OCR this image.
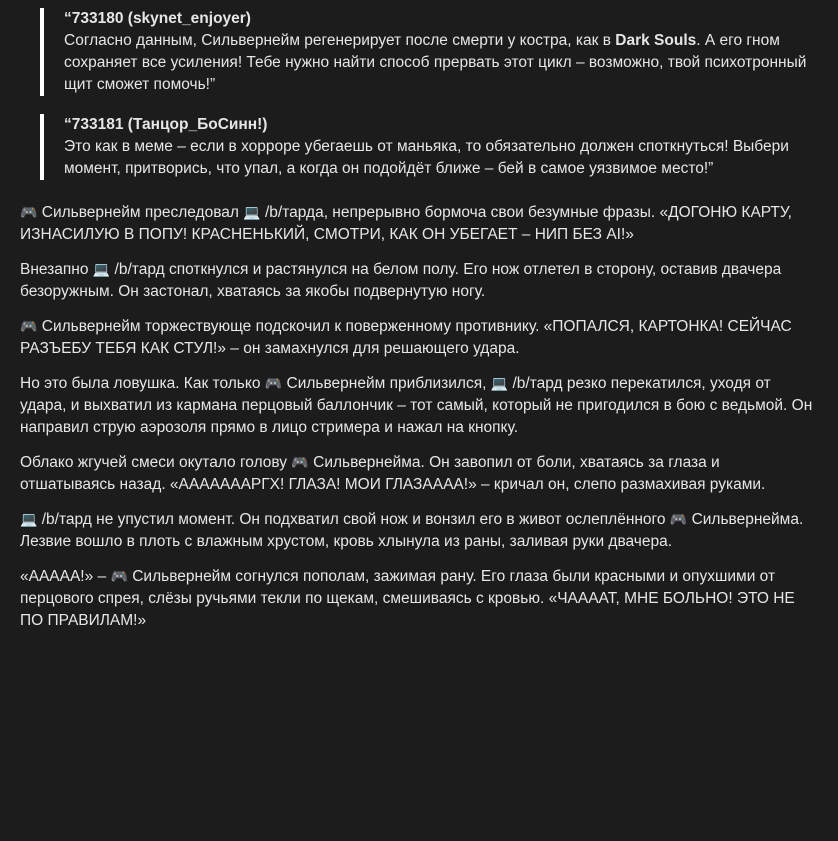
“733180 (skynet_enjoyer)
Согласно данным, Сильвернейм регенерирует после смерти у костра, как в Dark Souls. А его гном сохраняет все усиления! Тебе нужно найти способ прервать этот цикл – возможно, твой психотронный щит сможет помочь!”
“733181 (Танцор_БоСинн!)
Это как в меме – если в хорроре убегаешь от маньяка, то обязательно должен споткнуться! Выбери момент, притворись, что упал, а когда он подойдёт ближе – бей в самое уязвимое место!”

🎮 Сильвернейм преследовал 💻 /b/тарда, непрерывно бормоча свои безумные фразы. «ДОГОНЮ КАРТУ, ИЗНАСИЛУЮ В ПОПУ! КРАСНЕНЬКИЙ, СМОТРИ, КАК ОН УБЕГАЕТ – НИП БЕЗ AI!»

Внезапно 💻 /b/тард споткнулся и растянулся на белом полу. Его нож отлетел в сторону, оставив двачера безоружным. Он застонал, хватаясь за якобы подвернутую ногу.

🎮 Сильвернейм торжествующе подскочил к поверженному противнику. «ПОПАЛСЯ, КАРТОНКА! СЕЙЧАС РАЗЪЕБУ ТЕБЯ КАК СТУЛ!» – он замахнулся для решающего удара.

Но это была ловушка. Как только 🎮 Сильвернейм приблизился, 💻 /b/тард резко перекатился, уходя от удара, и выхватил из кармана перцовый баллончик – тот самый, который не пригодился в бою с ведьмой. Он направил струю аэрозоля прямо в лицо стримера и нажал на кнопку.

Облако жгучей смеси окутало голову 🎮 Сильвернейма. Он завопил от боли, хватаясь за глаза и отшатываясь назад. «АААААААРГХ! ГЛАЗА! МОИ ГЛАЗАААА!» – кричал он, слепо размахивая руками.

💻 /b/тард не упустил момент. Он подхватил свой нож и вонзил его в живот ослеплённого 🎮 Сильвернейма. Лезвие вошло в плоть с влажным хрустом, кровь хлынула из раны, заливая руки двачера.

«ААААА!» – 🎮 Сильвернейм согнулся пополам, зажимая рану. Его глаза были красными и опухшими от перцового спрея, слёзы ручьями текли по щекам, смешиваясь с кровью. «ЧАААAT, МНЕ БОЛЬНО! ЭТО НЕ ПО ПРАВИЛАМ!»
